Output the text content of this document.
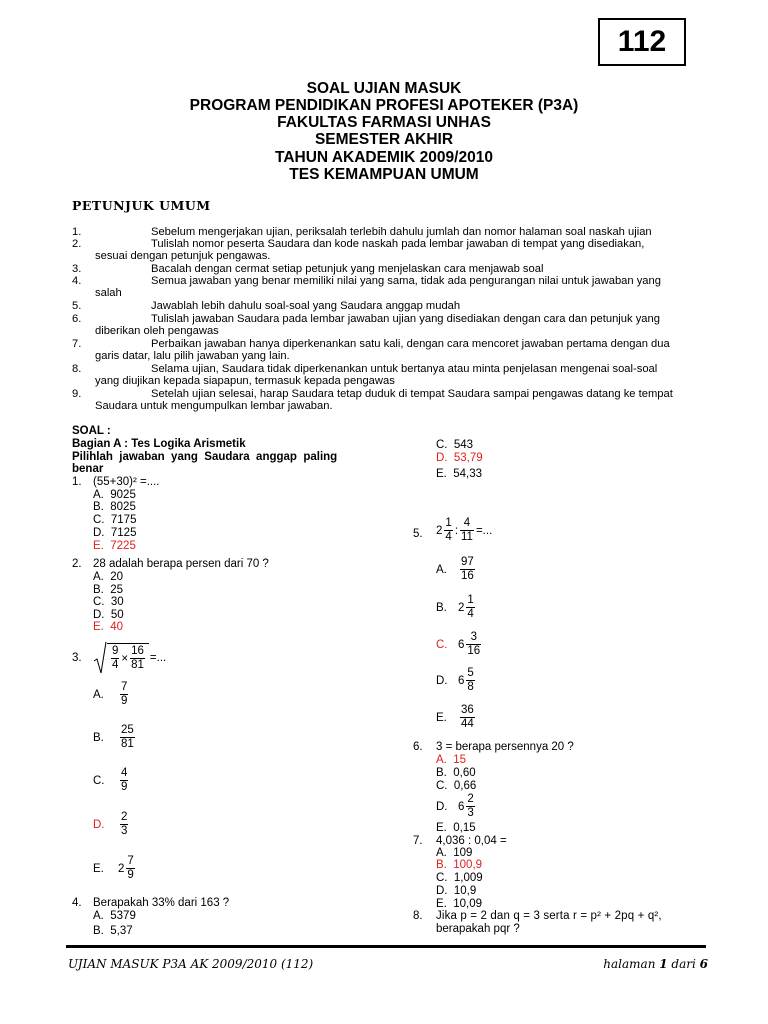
112
SOAL UJIAN MASUK
PROGRAM PENDIDIKAN PROFESI APOTEKER (P3A)
FAKULTAS FARMASI UNHAS
SEMESTER AKHIR
TAHUN AKADEMIK 2009/2010
TES KEMAMPUAN UMUM
PETUNJUK UMUM
1.	Sebelum mengerjakan ujian, periksalah terlebih dahulu jumlah dan nomor halaman soal naskah ujian
2.	Tulislah nomor peserta Saudara dan kode naskah pada lembar jawaban di tempat yang disediakan,
sesuai dengan petunjuk pengawas.
3.	Bacalah dengan cermat setiap petunjuk yang menjelaskan cara menjawab soal
4.	Semua jawaban yang benar memiliki nilai yang sama, tidak ada pengurangan nilai untuk jawaban yang
salah
5.	Jawablah lebih dahulu soal-soal yang Saudara anggap mudah
6.	Tulislah jawaban Saudara pada lembar jawaban ujian yang disediakan dengan cara dan petunjuk yang
diberikan oleh pengawas
7.	Perbaikan jawaban hanya diperkenankan satu kali, dengan cara mencoret jawaban pertama dengan dua
garis datar, lalu pilih jawaban yang lain.
8.	Selama ujian, Saudara tidak diperkenankan untuk bertanya atau minta penjelasan mengenai soal-soal
yang diujikan kepada siapapun, termasuk kepada pengawas
9.	Setelah ujian selesai, harap Saudara tetap duduk di tempat Saudara sampai pengawas datang ke tempat
Saudara untuk mengumpulkan lembar jawaban.
SOAL :
Bagian A : Tes Logika Arismetik
Pilihlah  jawaban  yang  Saudara  anggap  paling
benar
1. (55+30)² =....
A.  9025
B.  8025
C.  7175
D.  7125
E.  7225
2. 28 adalah berapa persen dari 70 ?
A.  20
B.  25
C.  30
D.  50
E.  40
3.	$\frac{9}{4} \times \frac{16}{81}$ =...
A.	$\frac{7}{9}$
B.	$\frac{25}{81}$
C.	$\frac{4}{9}$
D.	$\frac{2}{3}$
E.	$2 \frac{7}{9}$
4. Berapakah 33% dari 163 ?
A.  5379
B.  5,37
C.  543
D.  53,79
E.  54,33
5. $2 \frac{1}{4}$ : $\frac{4}{11}$ =...
A.	$\frac{97}{16}$
B. $2 \frac{1}{4}$
C. $6 \frac{3}{16}$
D. $6 \frac{5}{8}$
E.	$\frac{36}{44}$
6. 3 = berapa persennya 20 ?
A.  15
B.  0,60
C.  0,66
D. $6 \frac{2}{3}$
E.  0,15
7. 4,036 : 0,04 =
A.  109
B.  100,9
C.  1,009
D.  10,9
E.  10,09
8. Jika p = 2 dan q = 3 serta r = p² + 2pq + q²,
berapakah pqr ?
UJIAN MASUK P3A AK 2009/2010 (112)	halaman 1 dari 6
